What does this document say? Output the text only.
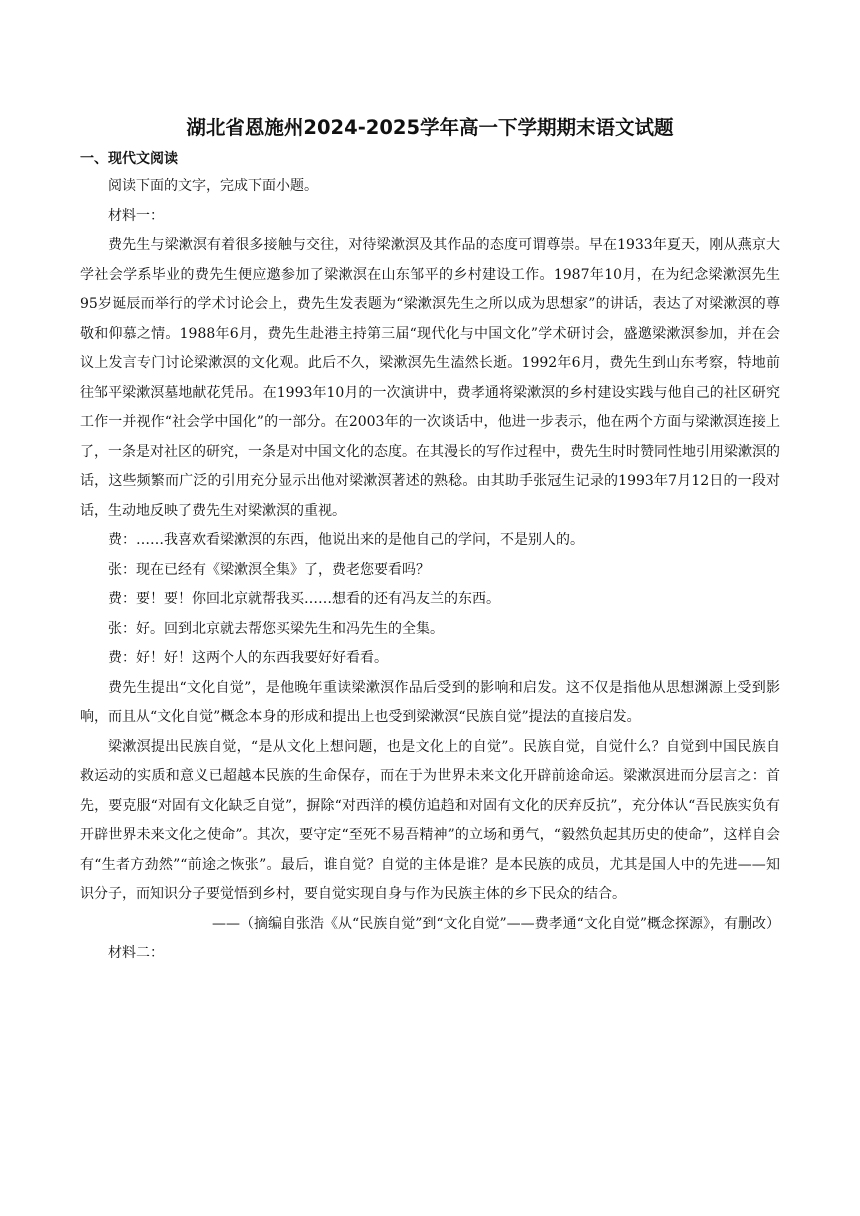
湖北省恩施州2024-2025学年高一下学期期末语文试题
一、现代文阅读

阅读下面的文字，完成下面小题。

材料一：

费先生与梁漱溟有着很多接触与交往，对待梁漱溟及其作品的态度可谓尊崇。早在1933年夏天，刚从燕京大学社会学系毕业的费先生便应邀参加了梁漱溟在山东邹平的乡村建设工作。1987年10月，在为纪念梁漱溟先生95岁诞辰而举行的学术讨论会上，费先生发表题为“梁漱溟先生之所以成为思想家”的讲话，表达了对梁漱溟的尊敬和仰慕之情。1988年6月，费先生赴港主持第三届“现代化与中国文化”学术研讨会，盛邀梁漱溟参加，并在会议上发言专门讨论梁漱溟的文化观。此后不久，梁漱溟先生溘然长逝。1992年6月，费先生到山东考察，特地前往邹平梁漱溟墓地献花凭吊。在1993年10月的一次演讲中，费孝通将梁漱溟的乡村建设实践与他自己的社区研究工作一并视作“社会学中国化”的一部分。在2003年的一次谈话中，他进一步表示，他在两个方面与梁漱溟连接上了，一条是对社区的研究，一条是对中国文化的态度。在其漫长的写作过程中，费先生时时赞同性地引用梁漱溟的话，这些频繁而广泛的引用充分显示出他对梁漱溟著述的熟稔。由其助手张冠生记录的1993年7月12日的一段对话，生动地反映了费先生对梁漱溟的重视。

费：……我喜欢看梁漱溟的东西，他说出来的是他自己的学问，不是别人的。

张：现在已经有《梁漱溟全集》了，费老您要看吗？

费：要！要！你回北京就帮我买……想看的还有冯友兰的东西。

张：好。回到北京就去帮您买梁先生和冯先生的全集。

费：好！好！这两个人的东西我要好好看看。

费先生提出“文化自觉”，是他晚年重读梁漱溟作品后受到的影响和启发。这不仅是指他从思想渊源上受到影响，而且从“文化自觉”概念本身的形成和提出上也受到梁漱溟“民族自觉”提法的直接启发。

梁漱溟提出民族自觉，“是从文化上想问题，也是文化上的自觉”。民族自觉，自觉什么？自觉到中国民族自救运动的实质和意义已超越本民族的生命保存，而在于为世界未来文化开辟前途命运。梁漱溟进而分层言之：首先，要克服“对固有文化缺乏自觉”，摒除“对西洋的模仿追趋和对固有文化的厌弃反抗”，充分体认“吾民族实负有开辟世界未来文化之使命”。其次，要守定“至死不易吾精神”的立场和勇气，“毅然负起其历史的使命”，这样自会有“生者方劲然”“前途之恢张”。最后，谁自觉？自觉的主体是谁？是本民族的成员，尤其是国人中的先进——知识分子，而知识分子要觉悟到乡村，要自觉实现自身与作为民族主体的乡下民众的结合。

——（摘编自张浩《从“民族自觉”到“文化自觉”——费孝通“文化自觉”概念探源》，有删改）

材料二：
